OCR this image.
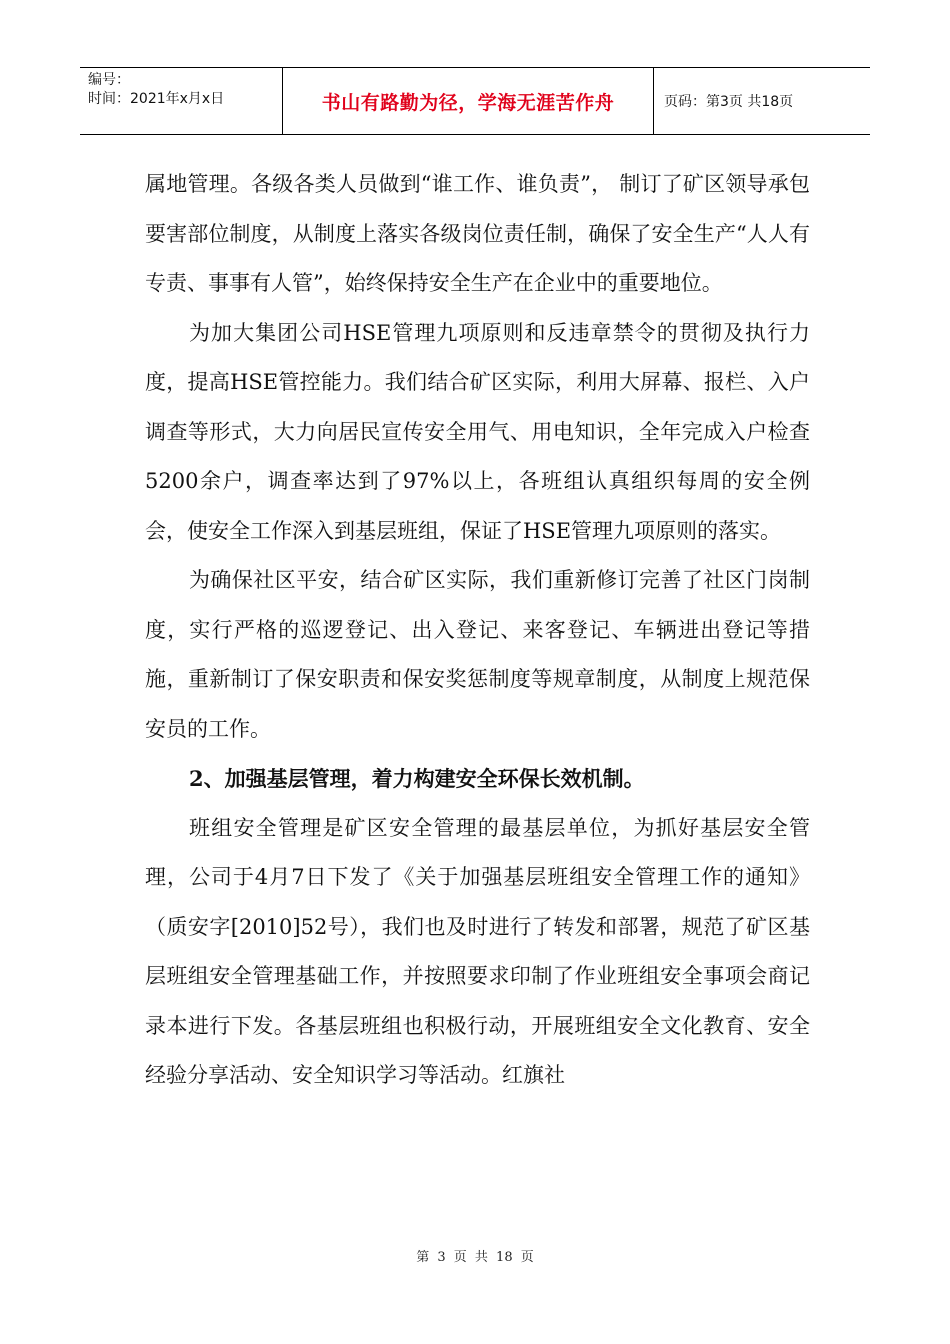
编号：
时间：2021年x月x日	书山有路勤为径，学海无涯苦作舟	页码：第3页 共18页

属地管理。各级各类人员做到“谁工作、谁负责”， 制订了矿区领导承包要害部位制度，从制度上落实各级岗位责任制，确保了安全生产“人人有专责、事事有人管”，始终保持安全生产在企业中的重要地位。

为加大集团公司HSE管理九项原则和反违章禁令的贯彻及执行力度，提高HSE管控能力。我们结合矿区实际，利用大屏幕、报栏、入户调查等形式，大力向居民宣传安全用气、用电知识，全年完成入户检查5200余户，调查率达到了97%以上，各班组认真组织每周的安全例会，使安全工作深入到基层班组，保证了HSE管理九项原则的落实。

为确保社区平安，结合矿区实际，我们重新修订完善了社区门岗制度，实行严格的巡逻登记、出入登记、来客登记、车辆进出登记等措施，重新制订了保安职责和保安奖惩制度等规章制度，从制度上规范保安员的工作。

2、加强基层管理，着力构建安全环保长效机制。

班组安全管理是矿区安全管理的最基层单位，为抓好基层安全管理，公司于4月7日下发了《关于加强基层班组安全管理工作的通知》（质安字[2010]52号），我们也及时进行了转发和部署，规范了矿区基层班组安全管理基础工作，并按照要求印制了作业班组安全事项会商记录本进行下发。各基层班组也积极行动，开展班组安全文化教育、安全经验分享活动、安全知识学习等活动。红旗社

第 3 页 共 18 页
